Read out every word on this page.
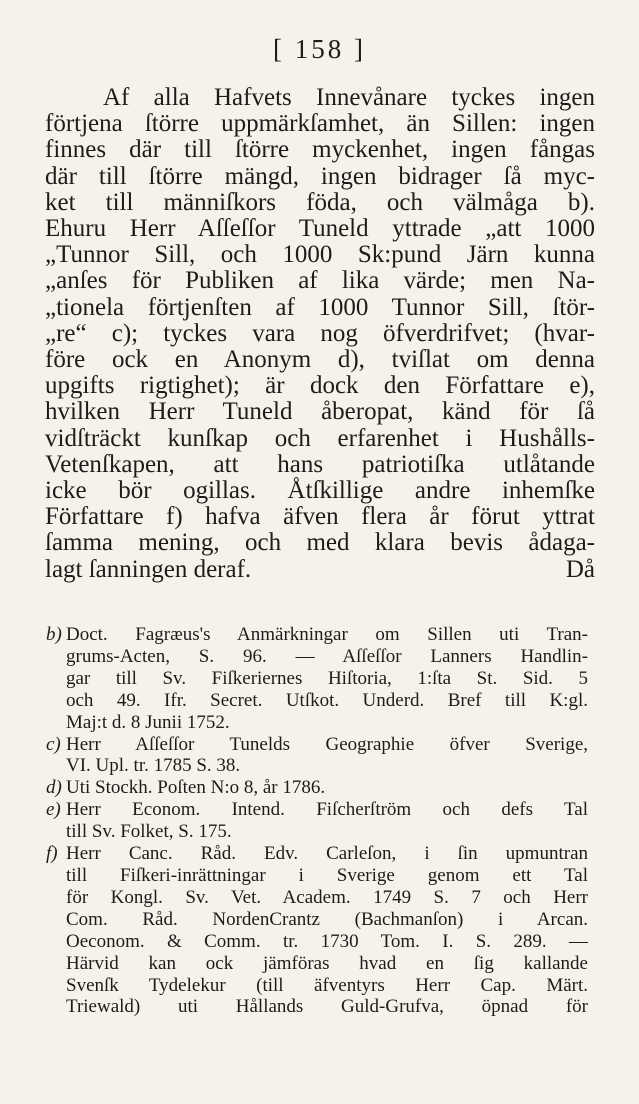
[ 158 ]
Af alla Hafvets Innevånare tyckes ingen
förtjena ſtörre uppmärkſamhet, än Sillen: ingen
finnes där till ſtörre myckenhet, ingen fångas
där till ſtörre mängd, ingen bidrager ſå myc-
ket till männiſkors föda, och välmåga b).
Ehuru Herr Aſſeſſor Tuneld yttrade „att 1000
„Tunnor Sill, och 1000 Sk:pund Järn kunna
„anſes för Publiken af lika värde; men Na-
„tionela förtjenſten af 1000 Tunnor Sill, ſtör-
„re“ c); tyckes vara nog öfverdrifvet; (hvar-
före ock en Anonym d), tviſlat om denna
upgifts rigtighet); är dock den Författare e),
hvilken Herr Tuneld åberopat, känd för ſå
vidſträckt kunſkap och erfarenhet i Hushålls-
Vetenſkapen, att hans patriotiſka utlåtande
icke bör ogillas. Åtſkillige andre inhemſke
Författare f) hafva äfven flera år förut yttrat
ſamma mening, och med klara bevis ådaga-
lagt ſanningen deraf.	Då
b) Doct. Fagræus's Anmärkningar om Sillen uti Tran-
grums-Acten, S. 96. — Aſſeſſor Lanners Handlin-
gar till Sv. Fiſkeriernes Hiſtoria, 1:ſta St. Sid. 5
och 49. Ifr. Secret. Utſkot. Underd. Bref till K:gl.
Maj:t d. 8 Junii 1752.
c) Herr Aſſeſſor Tunelds Geographie öfver Sverige,
VI. Upl. tr. 1785 S. 38.
d) Uti Stockh. Poſten N:o 8, år 1786.
e) Herr Econom. Intend. Fiſcherſtröm och defs Tal
till Sv. Folket, S. 175.
f) Herr Canc. Råd. Edv. Carleſon, i ſin upmuntran
till Fiſkeri-inrättningar i Sverige genom ett Tal
för Kongl. Sv. Vet. Academ. 1749 S. 7 och Herr
Com. Råd. NordenCrantz (Bachmanſon) i Arcan.
Oeconom. & Comm. tr. 1730 Tom. I. S. 289. —
Härvid kan ock jämföras hvad en ſig kallande
Svenſk Tydelekur (till äfventyrs Herr Cap. Märt.
Triewald) uti Hållands Guld-Grufva, öpnad för
